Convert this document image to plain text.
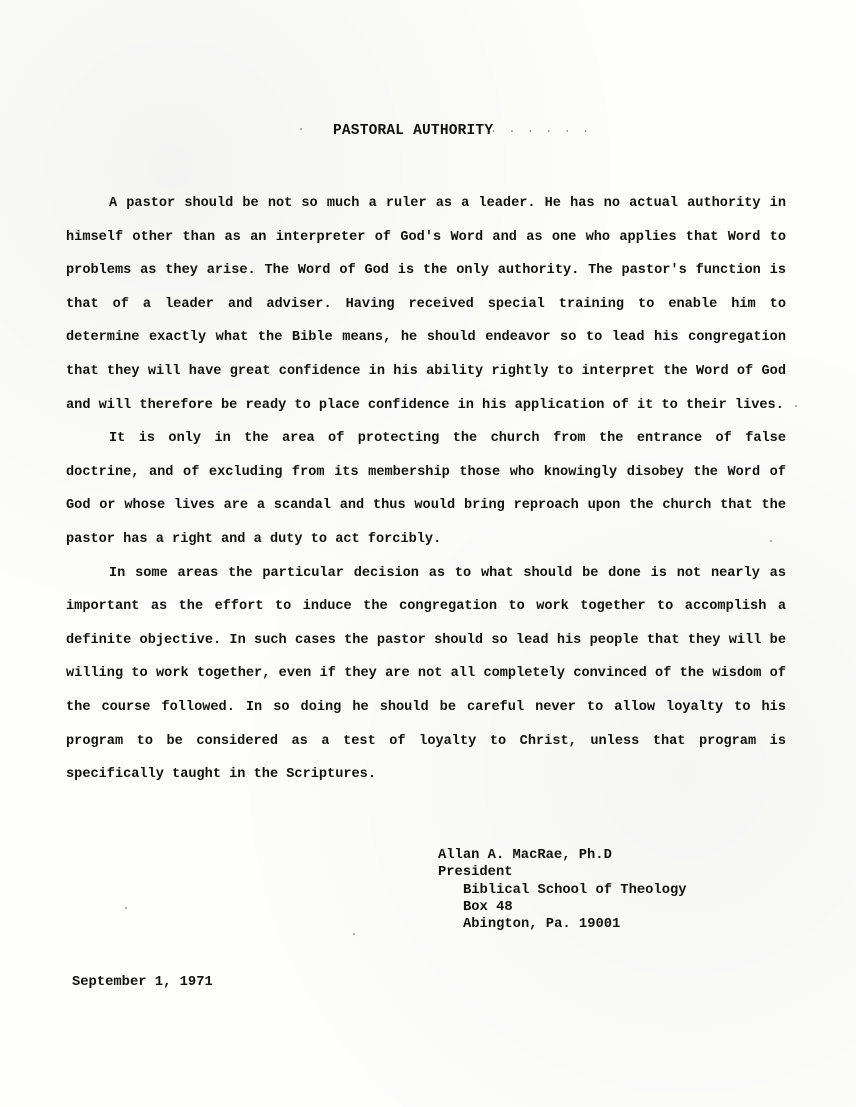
PASTORAL AUTHORITY
. . . . . .

A pastor should be not so much a ruler as a leader. He has no actual authority in himself other than as an interpreter of God's Word and as one who applies that Word to problems as they arise. The Word of God is the only authority. The pastor's function is that of a leader and adviser. Having received special training to enable him to determine exactly what the Bible means, he should endeavor so to lead his congregation that they will have great confidence in his ability rightly to interpret the Word of God and will therefore be ready to place confidence in his application of it to their lives.

It is only in the area of protecting the church from the entrance of false doctrine, and of excluding from its membership those who knowingly disobey the Word of God or whose lives are a scandal and thus would bring reproach upon the church that the pastor has a right and a duty to act forcibly.

In some areas the particular decision as to what should be done is not nearly as important as the effort to induce the congregation to work together to accomplish a definite objective. In such cases the pastor should so lead his people that they will be willing to work together, even if they are not all completely convinced of the wisdom of the course followed. In so doing he should be careful never to allow loyalty to his program to be considered as a test of loyalty to Christ, unless that program is specifically taught in the Scriptures.

Allan A. MacRae, Ph.D
President
Biblical School of Theology
Box 48
Abington, Pa. 19001
September 1, 1971
